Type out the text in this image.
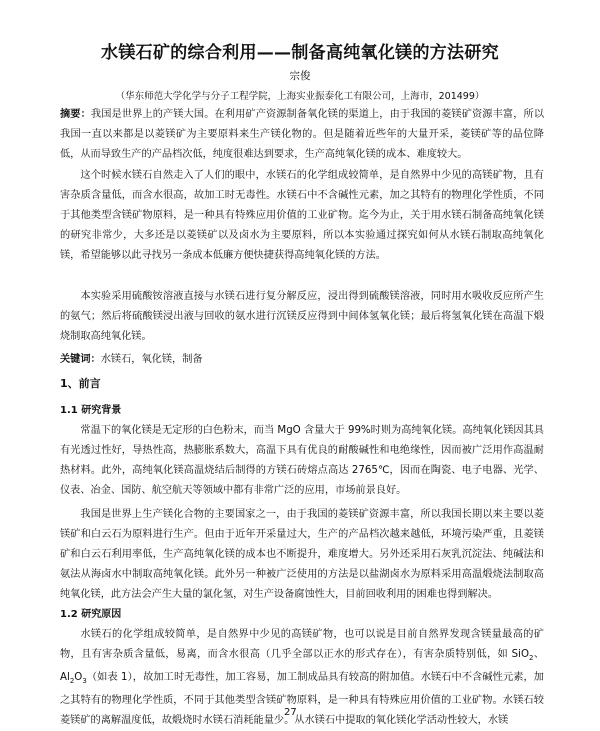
水镁石矿的综合利用——制备高纯氧化镁的方法研究
宗俊
（华东师范大学化学与分子工程学院，上海实业振泰化工有限公司，上海市，201499）

摘要：我国是世界上的产镁大国。在利用矿产资源制备氧化镁的渠道上，由于我国的菱镁矿资源丰富，所以我国一直以来都是以菱镁矿为主要原料来生产镁化物的。但是随着近些年的大量开采，菱镁矿等的品位降低，从而导致生产的产品档次低，纯度很难达到要求，生产高纯氧化镁的成本、难度较大。

这个时候水镁石自然走入了人们的眼中，水镁石的化学组成较简单，是自然界中少见的高镁矿物，且有害杂质含量低，而含水很高，故加工时无毒性。水镁石中不含碱性元素，加之其特有的物理化学性质，不同于其他类型含镁矿物原料，是一种具有特殊应用价值的工业矿物。迄今为止，关于用水镁石制备高纯氧化镁的研究非常少，大多还是以菱镁矿以及卤水为主要原料，所以本实验通过探究如何从水镁石制取高纯氧化镁，希望能够以此寻找另一条成本低廉方便快捷获得高纯氧化镁的方法。

本实验采用硫酸铵溶液直接与水镁石进行复分解反应，浸出得到硫酸镁溶液，同时用水吸收反应所产生的氨气；然后将硫酸镁浸出液与回收的氨水进行沉镁反应得到中间体氢氧化镁；最后将氢氧化镁在高温下煅烧制取高纯氧化镁。

关键词：水镁石，氧化镁，制备

1、前言
1.1 研究背景

常温下的氧化镁是无定形的白色粉末，而当 MgO 含量大于 99%时则为高纯氧化镁。高纯氧化镁因其具有光透过性好，导热性高，热膨胀系数大，高温下具有优良的耐酸碱性和电绝缘性，因而被广泛用作高温耐热材料。此外，高纯氧化镁高温烧结后制得的方镁石砖熔点高达 2765℃，因而在陶瓷、电子电器、光学、仪表、冶金、国防、航空航天等领域中都有非常广泛的应用，市场前景良好。

我国是世界上生产镁化合物的主要国家之一，由于我国的菱镁矿资源丰富，所以我国长期以来主要以菱镁矿和白云石为原料进行生产。但由于近年开采量过大，生产的产品档次越来越低，环境污染严重，且菱镁矿和白云石利用率低，生产高纯氧化镁的成本也不断提升，难度增大。另外还采用石灰乳沉淀法、纯碱法和氨法从海卤水中制取高纯氧化镁。此外另一种被广泛使用的方法是以盐湖卤水为原料采用高温煅烧法制取高纯氧化镁，此方法会产生大量的氯化氢，对生产设备腐蚀性大，目前回收利用的困难也得到解决。

1.2 研究原因

水镁石的化学组成较简单，是自然界中少见的高镁矿物，也可以说是目前自然界发现含镁量最高的矿物，且有害杂质含量低，易离，而含水很高（几乎全部以正水的形式存在），有害杂质特别低，如 SiO$_2$、$Al_2O_3$（如表 1），故加工时无毒性，加工容易，加工制成品具有较高的附加值。水镁石中不含碱性元素，加之其特有的物理化学性质，不同于其他类型含镁矿物原料，是一种具有特殊应用价值的工业矿物。水镁石较菱镁矿的离解温度低，故煅烧时水镁石消耗能量少。从水镁石中提取的氧化镁化学活动性较大，水镁

27
